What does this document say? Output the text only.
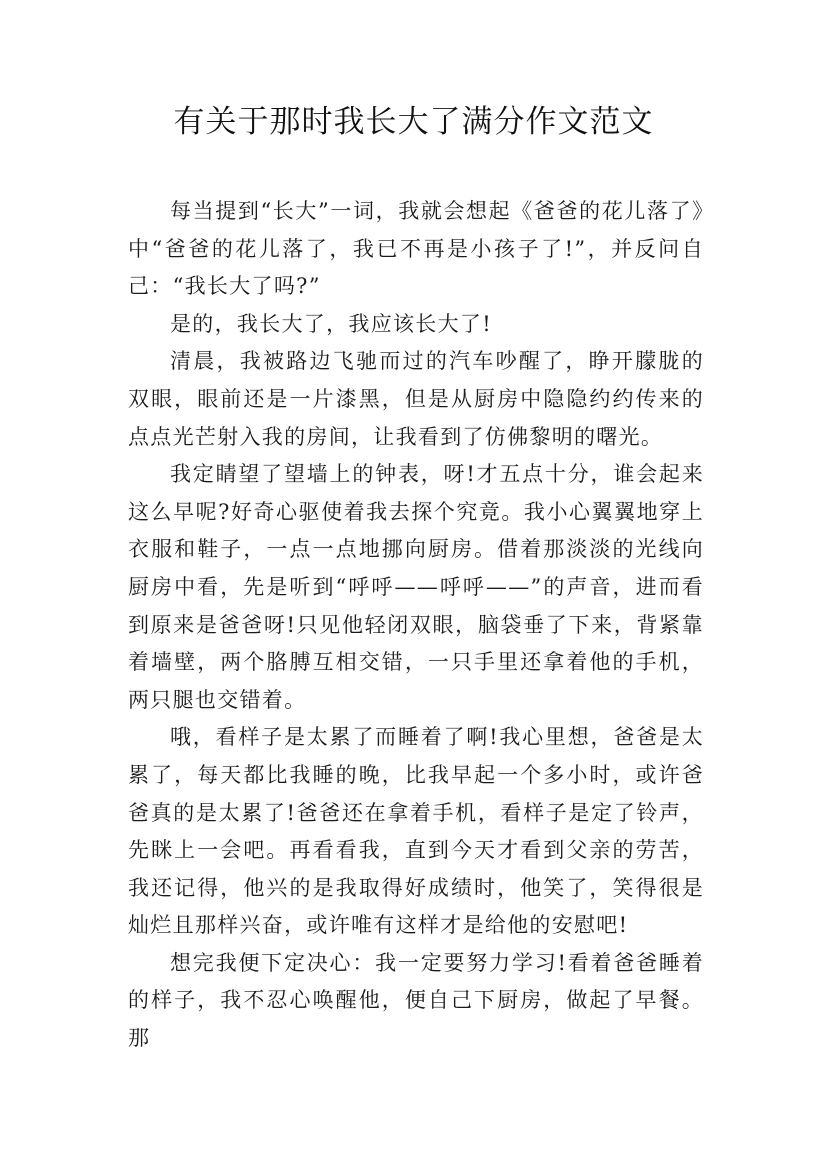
有关于那时我长大了满分作文范文

每当提到“长大”一词，我就会想起《爸爸的花儿落了》中“爸爸的花儿落了，我已不再是小孩子了!”，并反问自己：“我长大了吗?”

是的，我长大了，我应该长大了!

清晨，我被路边飞驰而过的汽车吵醒了，睁开朦胧的双眼，眼前还是一片漆黑，但是从厨房中隐隐约约传来的点点光芒射入我的房间，让我看到了仿佛黎明的曙光。

我定睛望了望墙上的钟表，呀!才五点十分，谁会起来这么早呢?好奇心驱使着我去探个究竟。我小心翼翼地穿上衣服和鞋子，一点一点地挪向厨房。借着那淡淡的光线向厨房中看，先是听到“呼呼——呼呼——”的声音，进而看到原来是爸爸呀!只见他轻闭双眼，脑袋垂了下来，背紧靠着墙壁，两个胳膊互相交错，一只手里还拿着他的手机，两只腿也交错着。

哦，看样子是太累了而睡着了啊!我心里想，爸爸是太累了，每天都比我睡的晚，比我早起一个多小时，或许爸爸真的是太累了!爸爸还在拿着手机，看样子是定了铃声，先眯上一会吧。再看看我，直到今天才看到父亲的劳苦，我还记得，他兴的是我取得好成绩时，他笑了，笑得很是灿烂且那样兴奋，或许唯有这样才是给他的安慰吧!

想完我便下定决心：我一定要努力学习!看着爸爸睡着的样子，我不忍心唤醒他，便自己下厨房，做起了早餐。那
